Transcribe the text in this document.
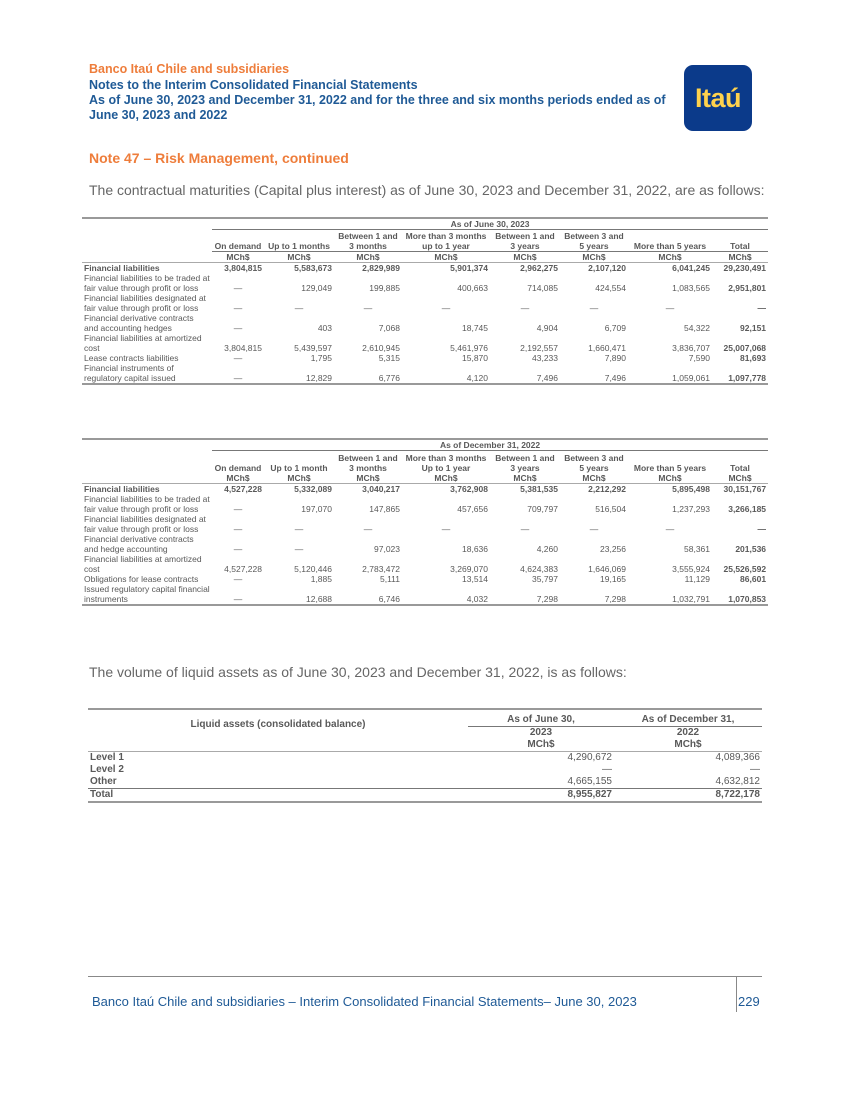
Banco Itaú Chile and subsidiaries
Notes to the Interim Consolidated Financial Statements
As of June 30, 2023 and December 31, 2022 and for the three and six months periods ended as of June 30, 2023 and 2022
Itaú
Note 47 – Risk Management, continued
The contractual maturities (Capital plus interest) as of June 30, 2023 and December 31, 2022, are as follows:
	As of June 30, 2023							
	On demand	Up to 1 months	Between 1 and 3 months	More than 3 months up to 1 year	Between 1 and 3 years	Between 3 and 5 years	More than 5 years	Total
	MCh$	MCh$	MCh$	MCh$	MCh$	MCh$	MCh$	MCh$
Financial liabilities	3,804,815	5,583,673	2,829,989	5,901,374	2,962,275	2,107,120	6,041,245	29,230,491
Financial liabilities to be traded at fair value through profit or loss	—	129,049	199,885	400,663	714,085	424,554	1,083,565	2,951,801
Financial liabilities designated at fair value through profit or loss	—	—	—	—	—	—	—	—
Financial derivative contracts and accounting hedges	—	403	7,068	18,745	4,904	6,709	54,322	92,151
Financial liabilities at amortized cost	3,804,815	5,439,597	2,610,945	5,461,976	2,192,557	1,660,471	3,836,707	25,007,068
Lease contracts liabilities	—	1,795	5,315	15,870	43,233	7,890	7,590	81,693
Financial instruments of regulatory capital issued	—	12,829	6,776	4,120	7,496	7,496	1,059,061	1,097,778
	As of December 31, 2022							
	On demand	Up to 1 month	Between 1 and 3 months	More than 3 months Up to 1 year	Between 1 and 3 years	Between 3 and 5 years	More than 5 years	Total
	MCh$	MCh$	MCh$	MCh$	MCh$	MCh$	MCh$	MCh$
Financial liabilities	4,527,228	5,332,089	3,040,217	3,762,908	5,381,535	2,212,292	5,895,498	30,151,767
Financial liabilities to be traded at fair value through profit or loss	—	197,070	147,865	457,656	709,797	516,504	1,237,293	3,266,185
Financial liabilities designated at fair value through profit or loss	—	—	—	—	—	—	—	—
Financial derivative contracts and hedge accounting	—	—	97,023	18,636	4,260	23,256	58,361	201,536
Financial liabilities at amortized cost	4,527,228	5,120,446	2,783,472	3,269,070	4,624,383	1,646,069	3,555,924	25,526,592
Obligations for lease contracts	—	1,885	5,111	13,514	35,797	19,165	11,129	86,601
Issued regulatory capital financial instruments	—	12,688	6,746	4,032	7,298	7,298	1,032,791	1,070,853
The volume of liquid assets as of June 30, 2023 and December 31, 2022, is as follows:
Liquid assets (consolidated balance)	As of June 30,	As of December 31,
	2023	2022
	MCh$	MCh$
Level 1	4,290,672	4,089,366
Level 2	—	—
Other	4,665,155	4,632,812
Total	8,955,827	8,722,178
Banco Itaú Chile and subsidiaries – Interim Consolidated Financial Statements– June 30, 2023	229
